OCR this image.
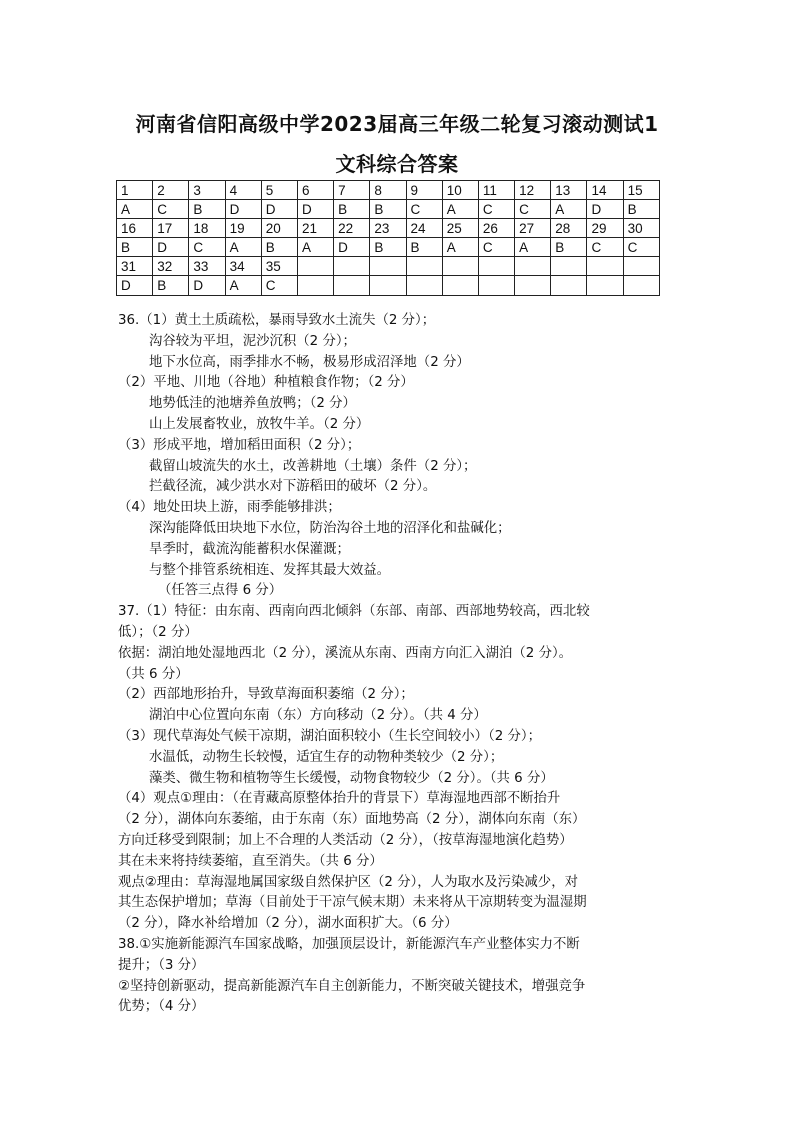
河南省信阳高级中学2023届高三年级二轮复习滚动测试1
文科综合答案
1	2	3	4	5	6	7	8	9	10	11	12	13	14	15
A	C	B	D	D	D	B	B	C	A	C	C	A	D	B
16	17	18	19	20	21	22	23	24	25	26	27	28	29	30
B	D	C	A	B	A	D	B	B	A	C	A	B	C	C
31	32	33	34	35										
D	B	D	A	C										
36.（1）黄土土质疏松，暴雨导致水土流失（2 分）；
沟谷较为平坦，泥沙沉积（2 分）；
地下水位高，雨季排水不畅，极易形成沼泽地（2 分）
（2）平地、川地（谷地）种植粮食作物；（2 分）
地势低洼的池塘养鱼放鸭；（2 分）
山上发展畜牧业，放牧牛羊。（2 分）
（3）形成平地，增加稻田面积（2 分）；
截留山坡流失的水土，改善耕地（土壤）条件（2 分）；
拦截径流，减少洪水对下游稻田的破坏（2 分）。
（4）地处田块上游，雨季能够排洪；
深沟能降低田块地下水位，防治沟谷土地的沼泽化和盐碱化；
旱季时，截流沟能蓄积水保灌溉；
与整个排管系统相连、发挥其最大效益。
（任答三点得 6 分）
37.（1）特征：由东南、西南向西北倾斜（东部、南部、西部地势较高，西北较
低）；（2 分）
依据：湖泊地处湿地西北（2 分），溪流从东南、西南方向汇入湖泊（2 分）。
（共 6 分）
（2）西部地形抬升，导致草海面积萎缩（2 分）；
湖泊中心位置向东南（东）方向移动（2 分）。（共 4 分）
（3）现代草海处气候干凉期，湖泊面积较小（生长空间较小）（2 分）；
水温低，动物生长较慢，适宜生存的动物种类较少（2 分）；
藻类、微生物和植物等生长缓慢，动物食物较少（2 分）。（共 6 分）
（4）观点①理由：（在青藏高原整体抬升的背景下）草海湿地西部不断抬升
（2 分），湖体向东萎缩，由于东南（东）面地势高（2 分），湖体向东南（东）
方向迁移受到限制；加上不合理的人类活动（2 分），（按草海湿地演化趋势）
其在未来将持续萎缩，直至消失。（共 6 分）
观点②理由：草海湿地属国家级自然保护区（2 分），人为取水及污染减少，对
其生态保护增加；草海（目前处于干凉气候末期）未来将从干凉期转变为温湿期
（2 分），降水补给增加（2 分），湖水面积扩大。（6 分）
38.①实施新能源汽车国家战略，加强顶层设计，新能源汽车产业整体实力不断
提升；（3 分）
②坚持创新驱动，提高新能源汽车自主创新能力，不断突破关键技术，增强竞争
优势；（4 分）
